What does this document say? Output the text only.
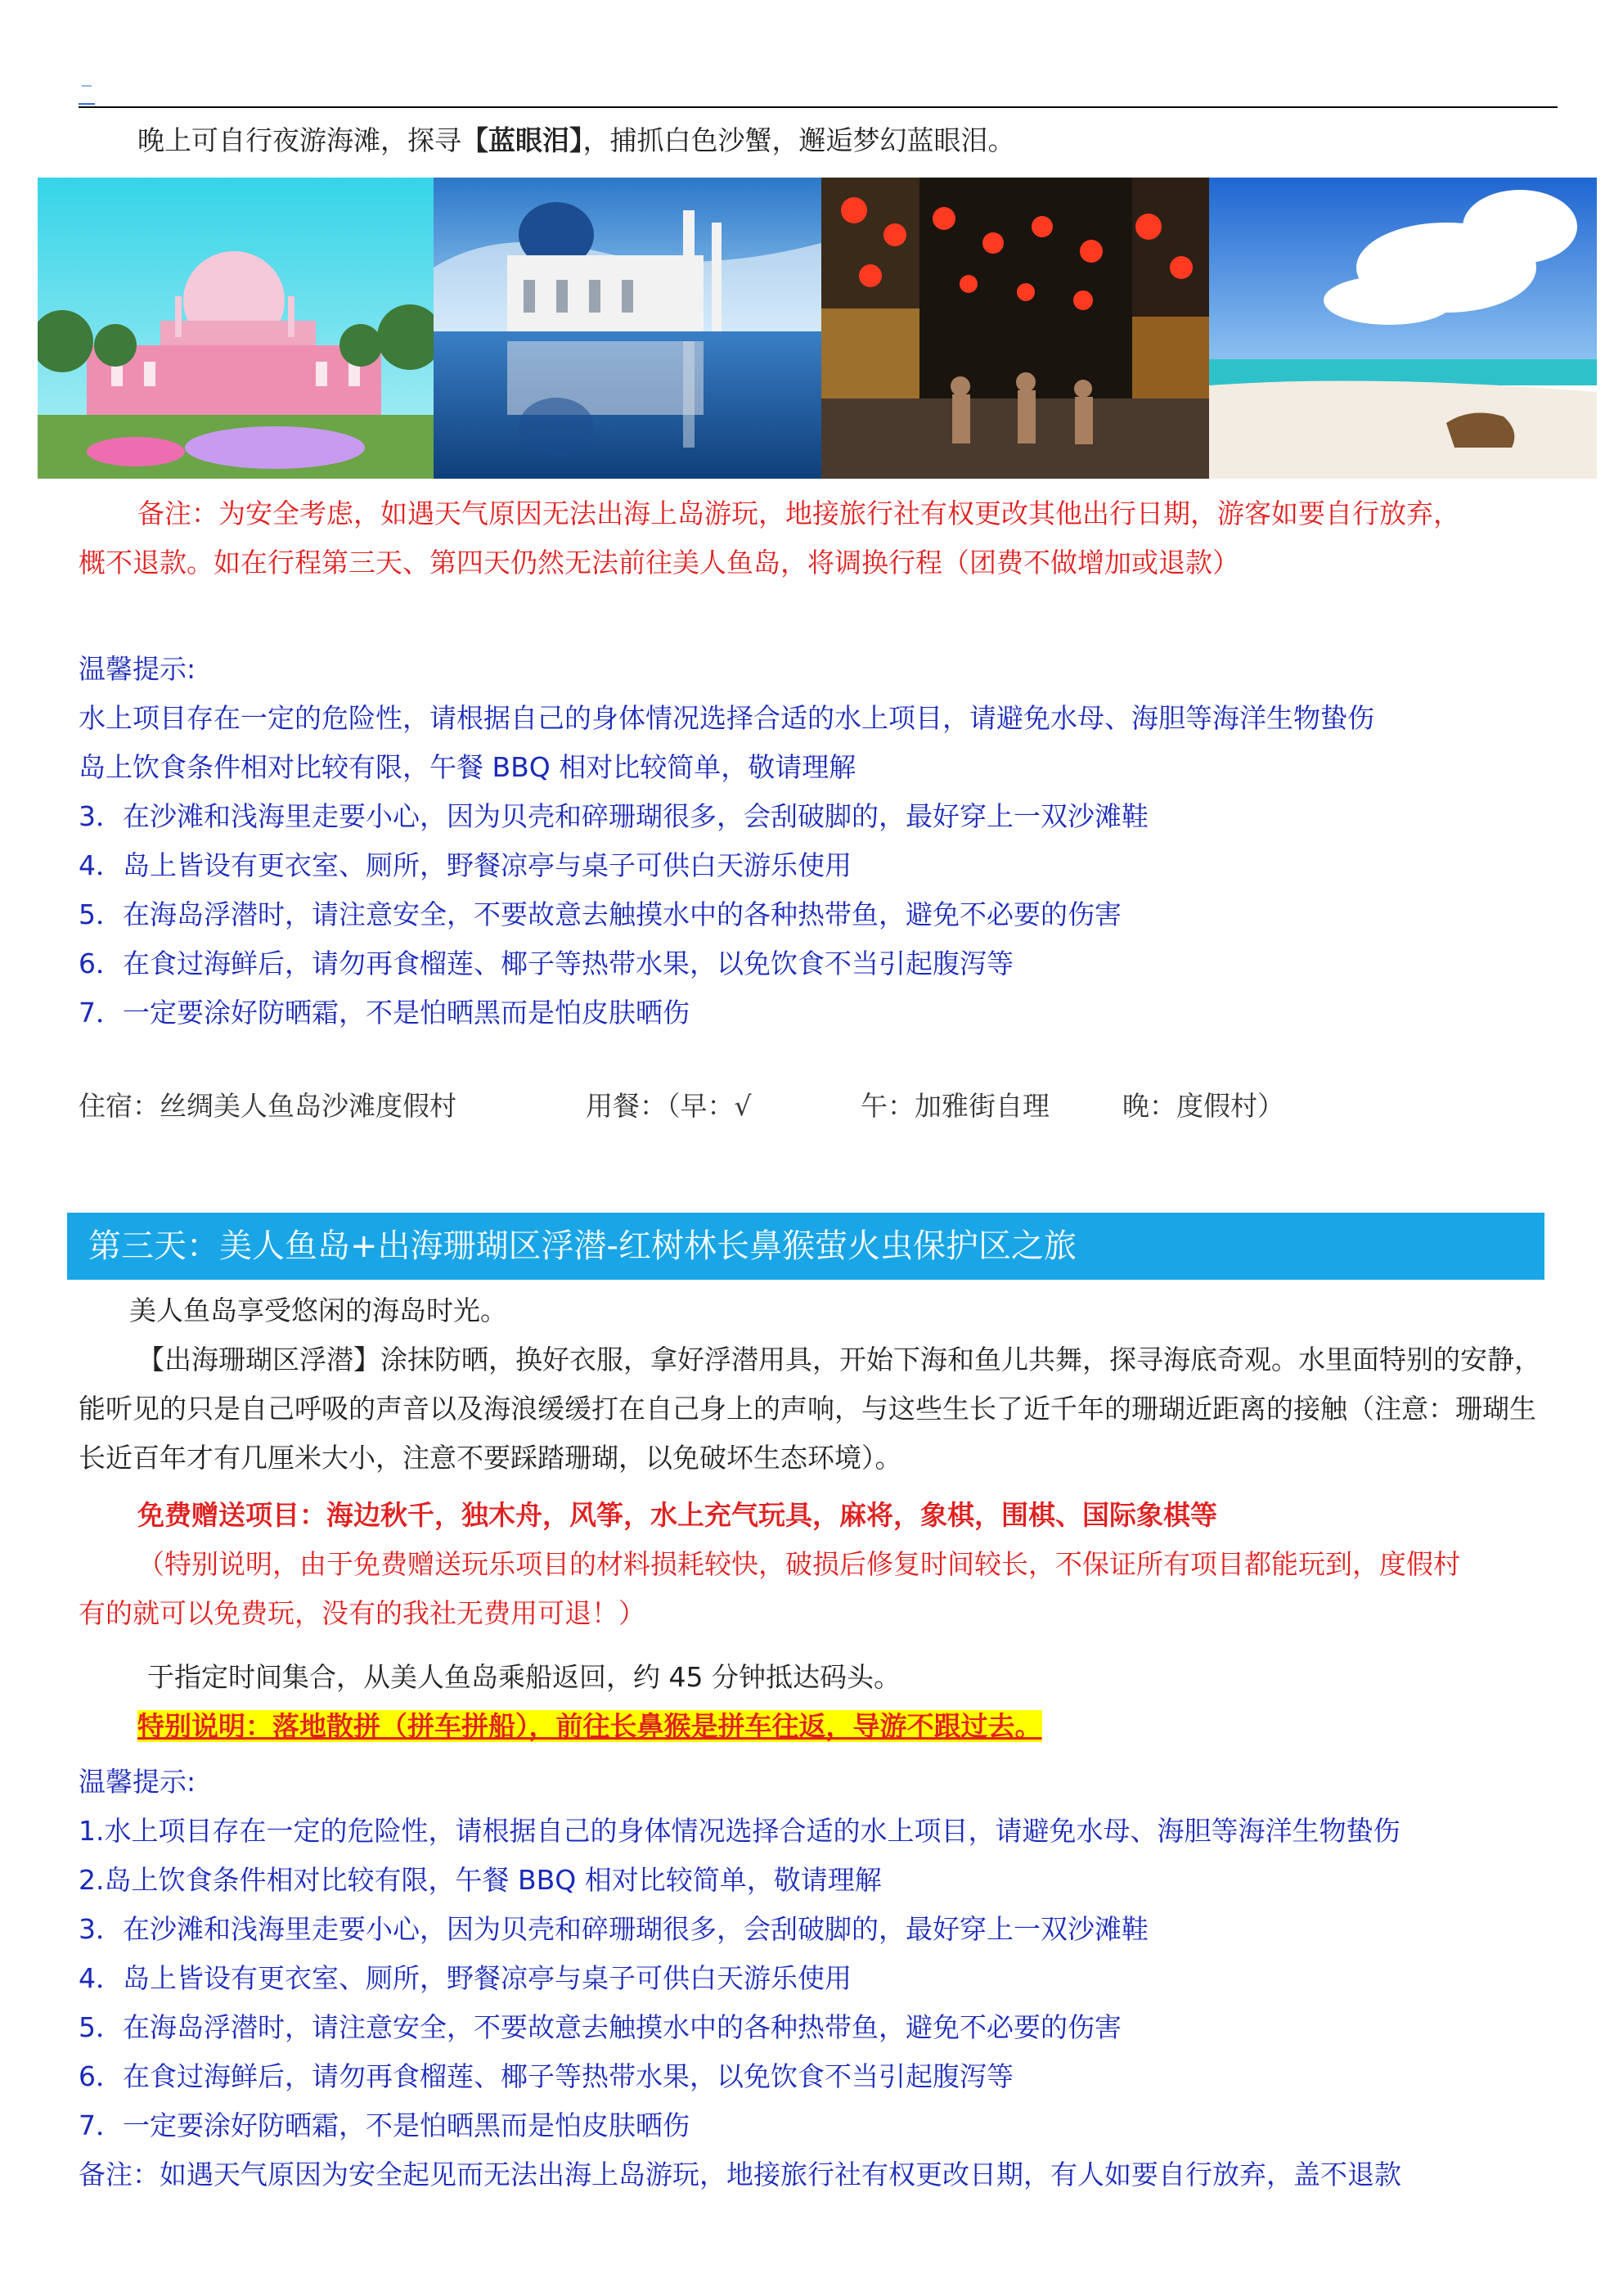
晚上可自行夜游海滩，探寻【蓝眼泪】，捕抓白色沙蟹，邂逅梦幻蓝眼泪。
备注：为安全考虑，如遇天气原因无法出海上岛游玩，地接旅行社有权更改其他出行日期，游客如要自行放弃，
概不退款。如在行程第三天、第四天仍然无法前往美人鱼岛，将调换行程（团费不做增加或退款）
温馨提示:
水上项目存在一定的危险性，请根据自己的身体情况选择合适的水上项目，请避免水母、海胆等海洋生物蛰伤
岛上饮食条件相对比较有限，午餐 BBQ 相对比较简单，敬请理解
3．在沙滩和浅海里走要小心，因为贝壳和碎珊瑚很多，会刮破脚的，最好穿上一双沙滩鞋
4．岛上皆设有更衣室、厕所，野餐凉亭与桌子可供白天游乐使用
5．在海岛浮潜时，请注意安全，不要故意去触摸水中的各种热带鱼，避免不必要的伤害
6．在食过海鲜后，请勿再食榴莲、椰子等热带水果，以免饮食不当引起腹泻等
7．一定要涂好防晒霜，不是怕晒黑而是怕皮肤晒伤
住宿：丝绸美人鱼岛沙滩度假村	用餐：（早：√	午：加雅街自理	晚：度假村）
第三天：美人鱼岛+出海珊瑚区浮潜-红树林长鼻猴萤火虫保护区之旅
美人鱼岛享受悠闲的海岛时光。
【出海珊瑚区浮潜】涂抹防晒，换好衣服，拿好浮潜用具，开始下海和鱼儿共舞，探寻海底奇观。水里面特别的安静，
能听见的只是自己呼吸的声音以及海浪缓缓打在自己身上的声响，与这些生长了近千年的珊瑚近距离的接触（注意：珊瑚生
长近百年才有几厘米大小，注意不要踩踏珊瑚，以免破坏生态环境）。
免费赠送项目：海边秋千，独木舟，风筝，水上充气玩具，麻将，象棋，围棋、国际象棋等
（特别说明，由于免费赠送玩乐项目的材料损耗较快，破损后修复时间较长，不保证所有项目都能玩到，度假村
有的就可以免费玩，没有的我社无费用可退！）
于指定时间集合，从美人鱼岛乘船返回，约 45 分钟抵达码头。
特别说明：落地散拼（拼车拼船），前往长鼻猴是拼车往返，导游不跟过去。
温馨提示:
1.水上项目存在一定的危险性，请根据自己的身体情况选择合适的水上项目，请避免水母、海胆等海洋生物蛰伤
2.岛上饮食条件相对比较有限，午餐 BBQ 相对比较简单，敬请理解
3．在沙滩和浅海里走要小心，因为贝壳和碎珊瑚很多，会刮破脚的，最好穿上一双沙滩鞋
4．岛上皆设有更衣室、厕所，野餐凉亭与桌子可供白天游乐使用
5．在海岛浮潜时，请注意安全，不要故意去触摸水中的各种热带鱼，避免不必要的伤害
6．在食过海鲜后，请勿再食榴莲、椰子等热带水果，以免饮食不当引起腹泻等
7．一定要涂好防晒霜，不是怕晒黑而是怕皮肤晒伤
备注：如遇天气原因为安全起见而无法出海上岛游玩，地接旅行社有权更改日期，有人如要自行放弃，盖不退款
